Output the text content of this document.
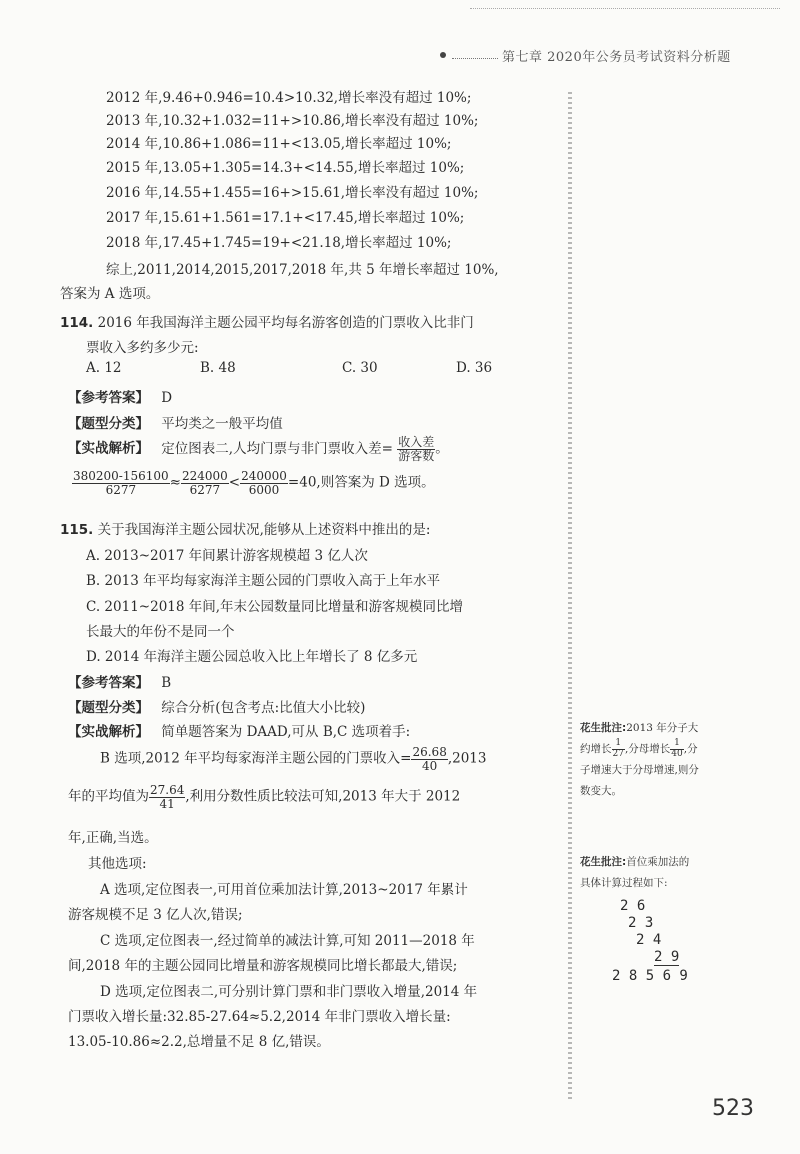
第七章 2020年公务员考试资料分析题
2012 年,9.46+0.946=10.4>10.32,增长率没有超过 10%;
2013 年,10.32+1.032=11+>10.86,增长率没有超过 10%;
2014 年,10.86+1.086=11+<13.05,增长率超过 10%;
2015 年,13.05+1.305=14.3+<14.55,增长率超过 10%;
2016 年,14.55+1.455=16+>15.61,增长率没有超过 10%;
2017 年,15.61+1.561=17.1+<17.45,增长率超过 10%;
2018 年,17.45+1.745=19+<21.18,增长率超过 10%;
综上,2011,2014,2015,2017,2018 年,共 5 年增长率超过 10%,
答案为 A 选项。
114. 2016 年我国海洋主题公园平均每名游客创造的门票收入比非门
票收入多约多少元:
A. 12	B. 48	C. 30	D. 36
【参考答案】 D
【题型分类】 平均类之一般平均值
【实战解析】 定位图表二,人均门票与非门票收入差= $\frac{\text{收入差}}{\text{游客数}}$ 。
$\frac{380200-156100}{6277} \approx \frac{224000}{6277} < \frac{240000}{6000} =40$,则答案为 D 选项。
115. 关于我国海洋主题公园状况,能够从上述资料中推出的是:
A. 2013~2017 年间累计游客规模超 3 亿人次
B. 2013 年平均每家海洋主题公园的门票收入高于上年水平
C. 2011~2018 年间,年末公园数量同比增量和游客规模同比增
长最大的年份不是同一个
D. 2014 年海洋主题公园总收入比上年增长了 8 亿多元
【参考答案】 B
【题型分类】 综合分析(包含考点:比值大小比较)
【实战解析】 简单题答案为 DAAD,可从 B,C 选项着手:
B 选项,2012 年平均每家海洋主题公园的门票收入= $\frac{26.68}{40} ,2013$
年的平均值为 $\frac{27.64}{41}$ ,利用分数性质比较法可知,2013 年大于 2012
年,正确,当选。
其他选项:
A 选项,定位图表一,可用首位乘加法计算,2013~2017 年累计
游客规模不足 3 亿人次,错误;
C 选项,定位图表一,经过简单的减法计算,可知 2011—2018 年
间,2018 年的主题公园同比增量和游客规模同比增长都最大,错误;
D 选项,定位图表二,可分别计算门票和非门票收入增量,2014 年
门票收入增长量:32.85-27.64≈5.2,2014 年非门票收入增长量:
13.05-10.86≈2.2,总增量不足 8 亿,错误。
花生批注:2013 年分子大
约增长 $\frac{1}{27}$ ,分母增长 $\frac{1}{40}$ ,分
子增速大于分母增速,则分
数变大。
花生批注:首位乘加法的
具体计算过程如下:
2 6
2 3
2 4
2 9
2 8 5 6 9
523
